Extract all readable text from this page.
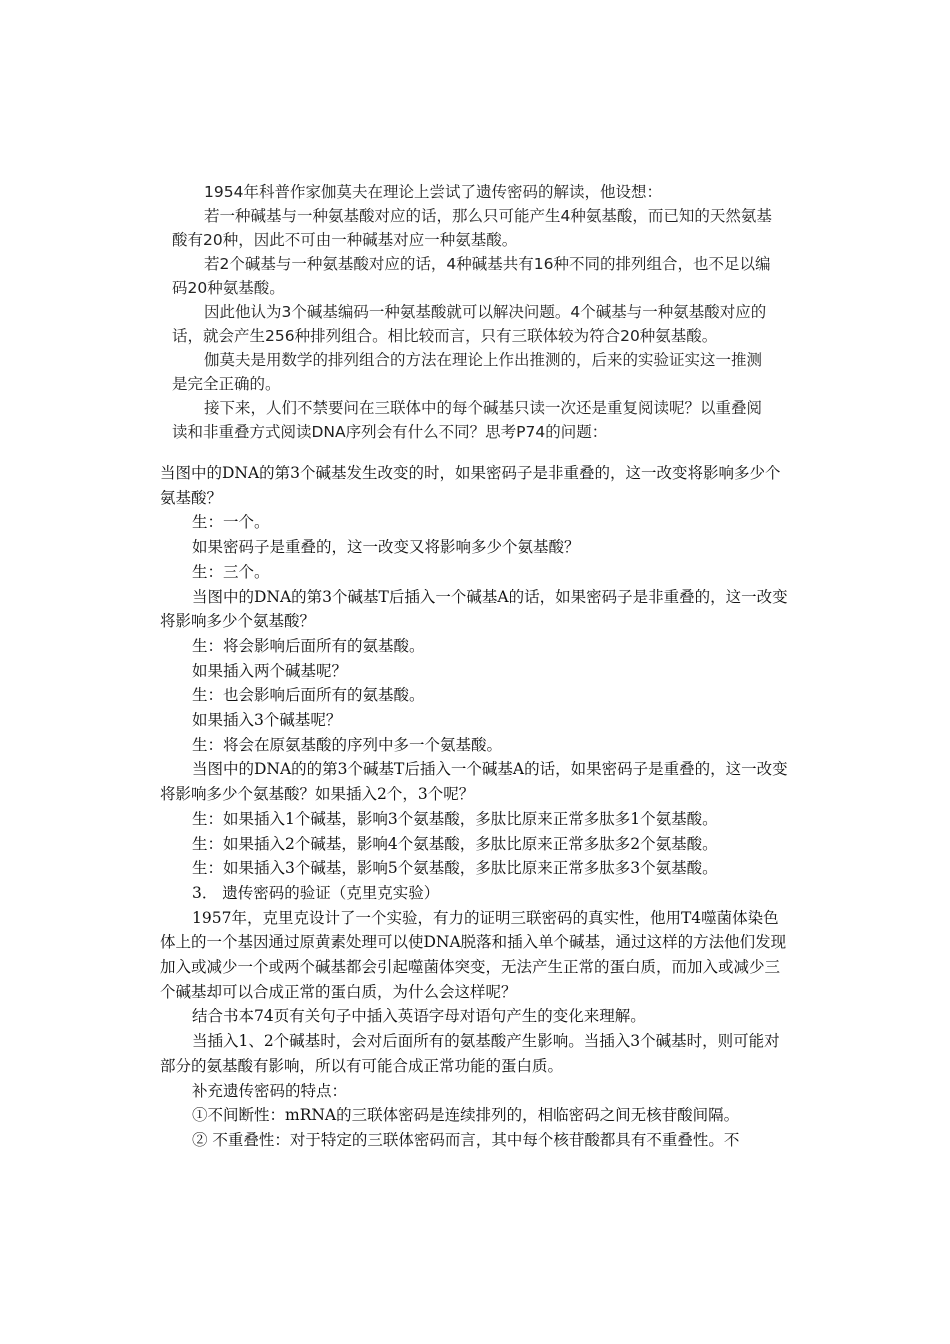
1954年科普作家伽莫夫在理论上尝试了遗传密码的解读，他设想：

若一种碱基与一种氨基酸对应的话，那么只可能产生4种氨基酸，而已知的天然氨基酸有20种，因此不可由一种碱基对应一种氨基酸。

若2个碱基与一种氨基酸对应的话，4种碱基共有16种不同的排列组合，也不足以编码20种氨基酸。

因此他认为3个碱基编码一种氨基酸就可以解决问题。4个碱基与一种氨基酸对应的话，就会产生256种排列组合。相比较而言，只有三联体较为符合20种氨基酸。

伽莫夫是用数学的排列组合的方法在理论上作出推测的，后来的实验证实这一推测是完全正确的。

接下来，人们不禁要问在三联体中的每个碱基只读一次还是重复阅读呢？以重叠阅读和非重叠方式阅读DNA序列会有什么不同？思考P74的问题：

当图中的DNA的第3个碱基发生改变的时，如果密码子是非重叠的，这一改变将影响多少个氨基酸？

生：一个。

如果密码子是重叠的，这一改变又将影响多少个氨基酸？

生：三个。

当图中的DNA的第3个碱基T后插入一个碱基A的话，如果密码子是非重叠的，这一改变将影响多少个氨基酸？

生：将会影响后面所有的氨基酸。

如果插入两个碱基呢？

生：也会影响后面所有的氨基酸。

如果插入3个碱基呢？

生：将会在原氨基酸的序列中多一个氨基酸。

当图中的DNA的的第3个碱基T后插入一个碱基A的话，如果密码子是重叠的，这一改变将影响多少个氨基酸？如果插入2个，3个呢？

生：如果插入1个碱基，影响3个氨基酸，多肽比原来正常多肽多1个氨基酸。

生：如果插入2个碱基，影响4个氨基酸，多肽比原来正常多肽多2个氨基酸。

生：如果插入3个碱基，影响5个氨基酸，多肽比原来正常多肽多3个氨基酸。

3． 遗传密码的验证（克里克实验）

1957年，克里克设计了一个实验，有力的证明三联密码的真实性，他用T4噬菌体染色体上的一个基因通过原黄素处理可以使DNA脱落和插入单个碱基，通过这样的方法他们发现加入或减少一个或两个碱基都会引起噬菌体突变，无法产生正常的蛋白质，而加入或减少三个碱基却可以合成正常的蛋白质，为什么会这样呢？

结合书本74页有关句子中插入英语字母对语句产生的变化来理解。

当插入1、2个碱基时，会对后面所有的氨基酸产生影响。当插入3个碱基时，则可能对部分的氨基酸有影响，所以有可能合成正常功能的蛋白质。

补充遗传密码的特点：

①不间断性：mRNA的三联体密码是连续排列的，相临密码之间无核苷酸间隔。

② 不重叠性：对于特定的三联体密码而言，其中每个核苷酸都具有不重叠性。不
